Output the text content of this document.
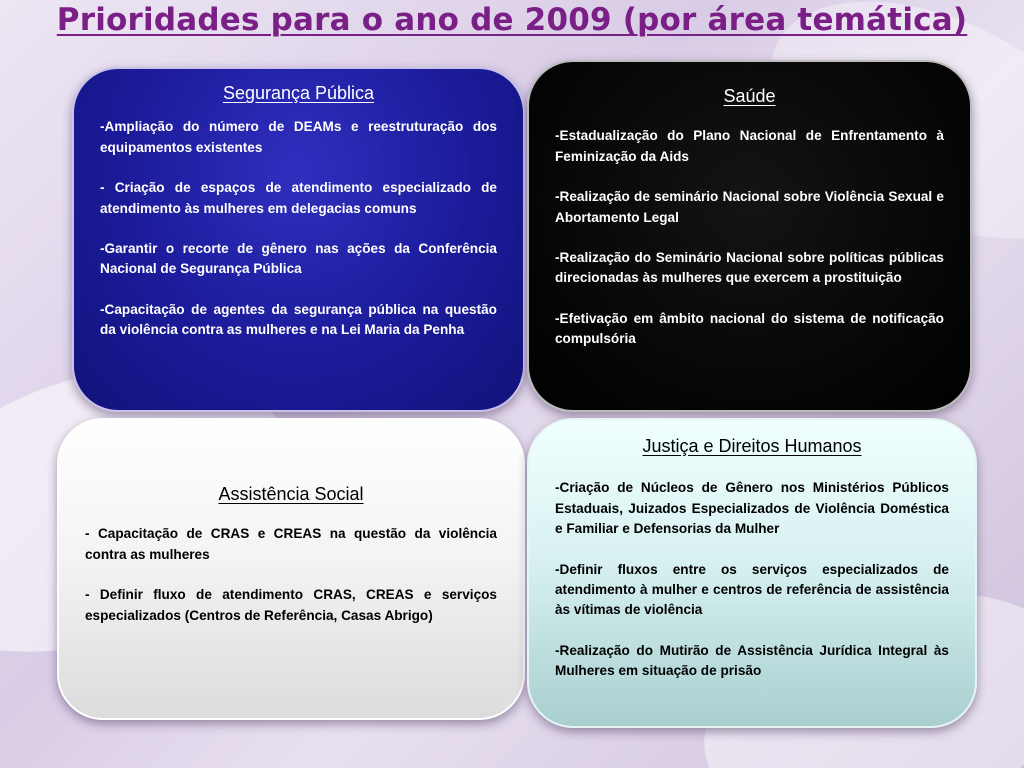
Prioridades para o ano de 2009 (por área temática)
Segurança Pública

-Ampliação do número de DEAMs e reestruturação dos equipamentos existentes

- Criação de espaços de atendimento especializado de atendimento às mulheres em delegacias comuns

-Garantir o recorte de gênero nas ações da Conferência Nacional de Segurança Pública

-Capacitação de agentes da segurança pública na questão da violência contra as mulheres e na Lei Maria da Penha

Saúde

-Estadualização do Plano Nacional de Enfrentamento à Feminização da Aids

-Realização de seminário Nacional sobre Violência Sexual e Abortamento Legal

-Realização do Seminário Nacional sobre políticas públicas direcionadas às mulheres que exercem a prostituição

-Efetivação em âmbito nacional do sistema de notificação compulsória

Assistência Social

- Capacitação de CRAS e CREAS na questão da violência contra as mulheres

- Definir fluxo de atendimento CRAS, CREAS e serviços especializados (Centros de Referência, Casas Abrigo)

Justiça e Direitos Humanos

-Criação de Núcleos de Gênero nos Ministérios Públicos Estaduais, Juizados Especializados de Violência Doméstica e Familiar e Defensorias da Mulher

-Definir fluxos entre os serviços especializados de atendimento à mulher e centros de referência de assistência às vítimas de violência

-Realização do Mutirão de Assistência Jurídica Integral às Mulheres em situação de prisão
